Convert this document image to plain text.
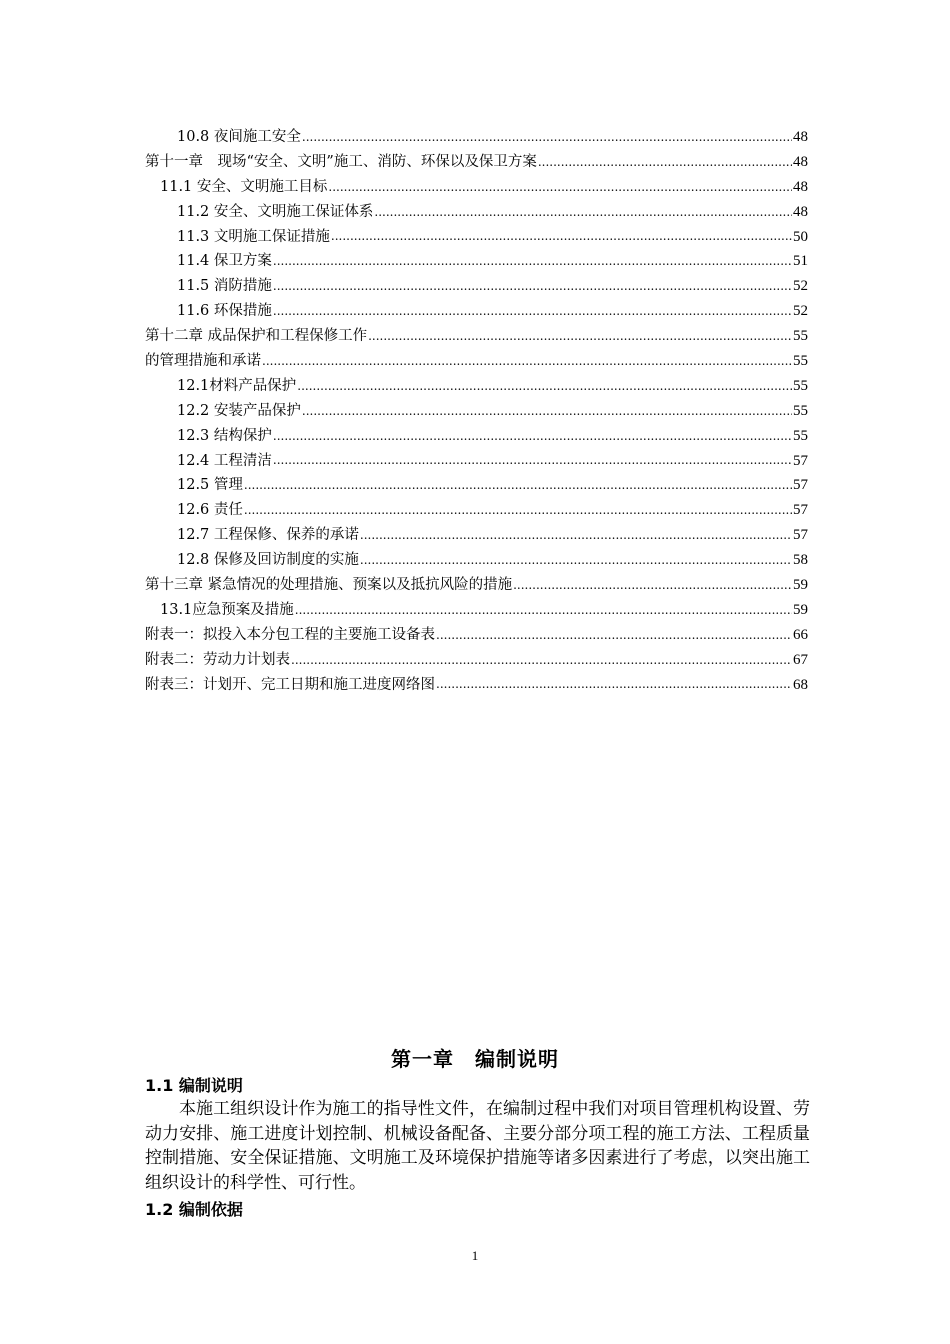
10.8 夜间施工安全 .....	48
第十一章　现场“安全、文明”施工、消防、环保以及保卫方案 .....	48
11.1 安全、文明施工目标 .....	48
11.2 安全、文明施工保证体系 .....	48
11.3 文明施工保证措施 .....	50
11.4 保卫方案 .....	51
11.5 消防措施 .....	52
11.6 环保措施 .....	52
第十二章 成品保护和工程保修工作 .....	55
的管理措施和承诺 .....	55
12.1材料产品保护 .....	55
12.2 安装产品保护 .....	55
12.3 结构保护 .....	55
12.4 工程清洁 .....	57
12.5 管理 .....	57
12.6 责任 .....	57
12.7 工程保修、保养的承诺 .....	57
12.8 保修及回访制度的实施 .....	58
第十三章 紧急情况的处理措施、预案以及抵抗风险的措施 .....	59
13.1应急预案及措施 .....	59
附表一：拟投入本分包工程的主要施工设备表 .....	66
附表二：劳动力计划表 .....	67
附表三：计划开、完工日期和施工进度网络图 .....	68
第一章　编制说明
1.1 编制说明

本施工组织设计作为施工的指导性文件，在编制过程中我们对项目管理机构设置、劳动力安排、施工进度计划控制、机械设备配备、主要分部分项工程的施工方法、工程质量控制措施、安全保证措施、文明施工及环境保护措施等诸多因素进行了考虑，以突出施工组织设计的科学性、可行性。

1.2 编制依据
1
